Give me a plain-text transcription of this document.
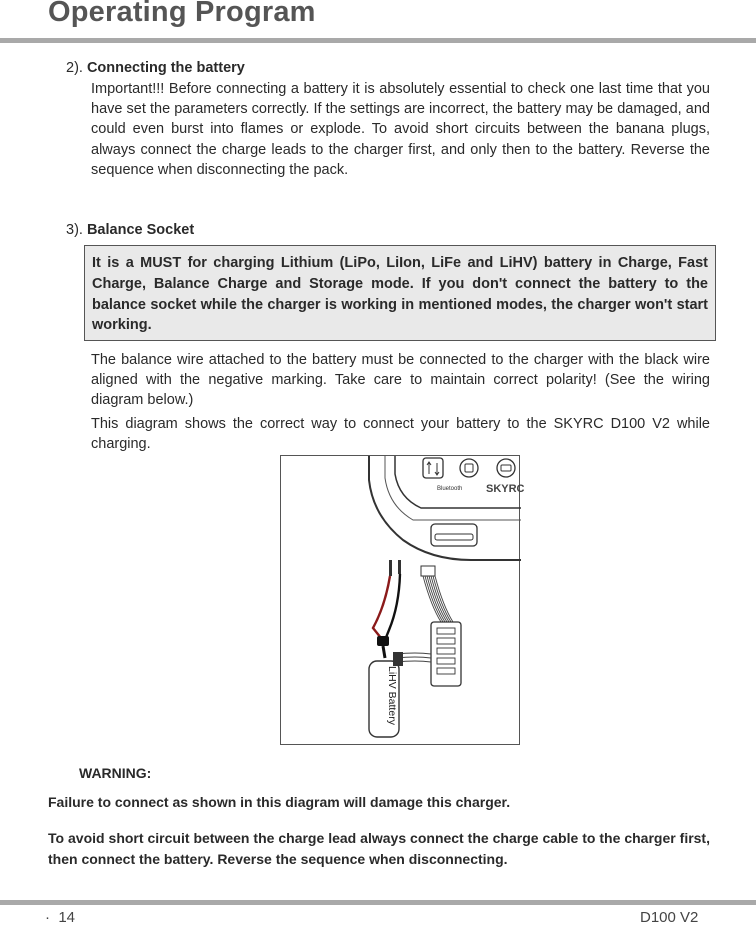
Operating Program
2). Connecting the battery
Important!!! Before connecting a battery it is absolutely essential to check one last time that you have set the parameters correctly. If the settings are incorrect, the battery may be damaged, and could even burst into flames or explode. To avoid short circuits between the banana plugs, always connect the charge leads to the charger first, and only then to the battery. Reverse the sequence when disconnecting the pack.
3). Balance Socket
It is a MUST for charging Lithium (LiPo, LiIon, LiFe and LiHV) battery in Charge, Fast Charge, Balance Charge and Storage mode. If you don't connect the battery to the balance socket while the charger is working in mentioned modes, the charger won't start working.
The balance wire attached to the battery must be connected to the charger with the black wire aligned with the negative marking. Take care to maintain correct polarity! (See the wiring diagram below.)
This diagram shows the correct way to connect your battery to the SKYRC D100 V2 while charging.
Bluetooth SKYRC
LiHV Battery
WARNING:
Failure to connect as shown in this diagram will damage this charger.
To avoid short circuit between the charge lead always connect the charge cable to the charger first, then connect the battery. Reverse the sequence when disconnecting.
· 14	D100 V2
